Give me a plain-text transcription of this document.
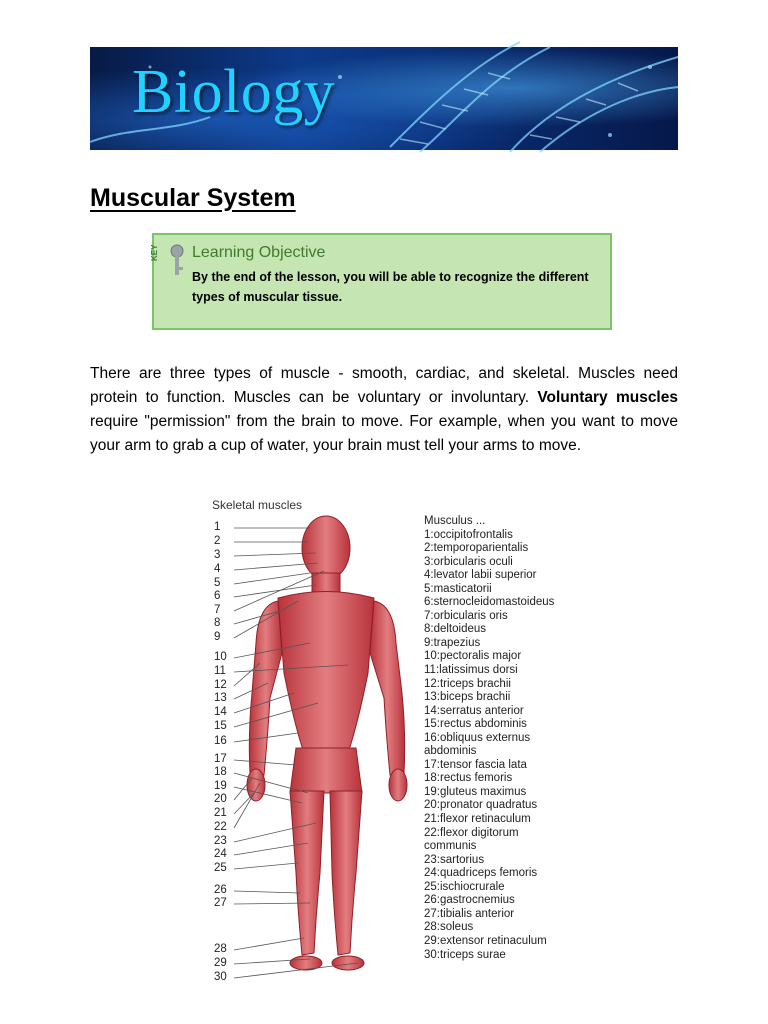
Biology
Muscular System
KEY Learning Objective
By the end of the lesson, you will be able to recognize the different types of muscular tissue.
There are three types of muscle - smooth, cardiac, and skeletal. Muscles need protein to function. Muscles can be voluntary or involuntary. Voluntary muscles require "permission" from the brain to move. For example, when you want to move your arm to grab a cup of water, your brain must tell your arms to move.
Skeletal muscles
1
2
3
4
5
6
7
8
9
10
11
12
13
14
15
16
17
18
19
20
21
22
23
24
25
26
27
28
29
30
Musculus ...
1:occipitofrontalis
2:temporoparientalis
3:orbicularis oculi
4:levator labii superior
5:masticatorii
6:sternocleidomastoideus
7:orbicularis oris
8:deltoideus
9:trapezius
10:pectoralis major
11:latissimus dorsi
12:triceps brachii
13:biceps brachii
14:serratus anterior
15:rectus abdominis
16:obliquus externus
abdominis
17:tensor fascia lata
18:rectus femoris
19:gluteus maximus
20:pronator quadratus
21:flexor retinaculum
22:flexor digitorum
communis
23:sartorius
24:quadriceps femoris
25:ischiocrurale
26:gastrocnemius
27:tibialis anterior
28:soleus
29:extensor retinaculum
30:triceps surae
